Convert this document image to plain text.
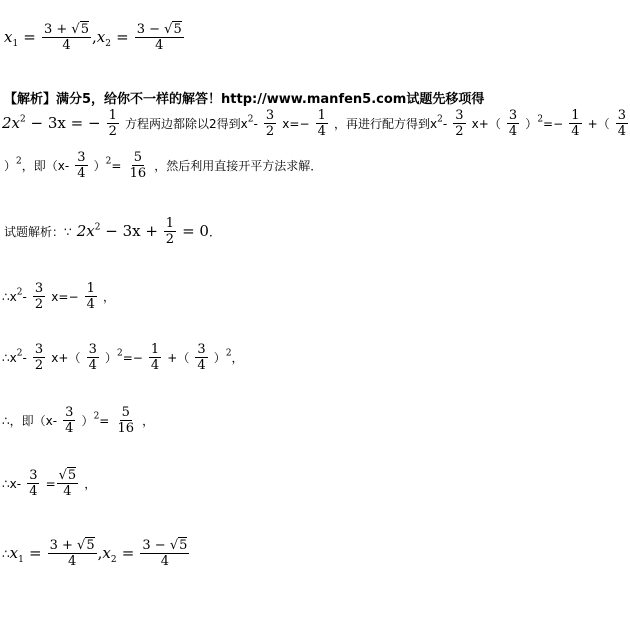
$x_1 = \frac{3 + √5}{4} ,x_2 = \frac{3 - √5}{4}$
【解析】满分5，给你不一样的解答！http://www.manfen5.com试题先移项得
$2x^2 - 3x$ = − $\frac{1}{2}$ 方程两边都除以2得到$x^2- \frac{3}{2} x=- \frac{1}{4}$ ，再进行配方得到$x^2- \frac{3}{2} x+( \frac{3}{4} )^2=- \frac{1}{4}$ +（ $\frac{3}{4}$
）$^2$，即$(x- \frac{3}{4} )^2= \frac{5}{16}$ ，然后利用直接开平方法求解．
试题解析：∵ $2x^2 - 3x + \frac{1}{2} = 0$．
$\therefore x^2- \frac{3}{2} x=- \frac{1}{4}$ ，
$\therefore x^2- \frac{3}{2} x+( \frac{3}{4} )^2=- \frac{1}{4}$ +（ $\frac{3}{4} )^2$，
∴，即$(x- \frac{3}{4} )^2= \frac{5}{16}$ ，
∴x- $\frac{3}{4} = \frac{√5}{4}$ ，
$\therefore x_1 = \frac{3 + √5}{4} ,x_2 = \frac{3 - √5}{4}$
